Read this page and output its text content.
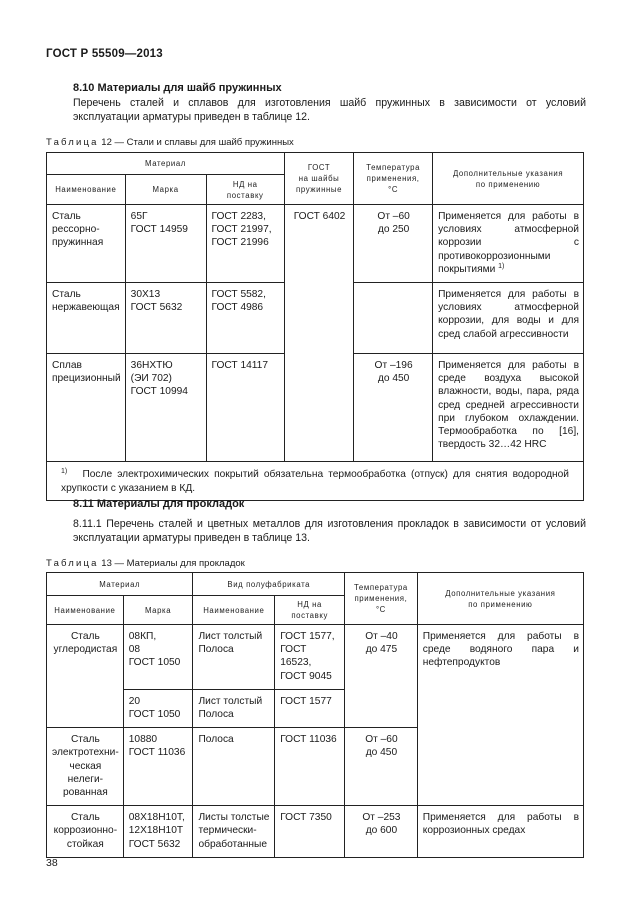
ГОСТ Р 55509—2013
8.10 Материалы для шайб пружинных
Перечень сталей и сплавов для изготовления шайб пружинных в зависимости от условий эксплуатации арматуры приведен в таблице 12.
Таблица 12 — Стали и сплавы для шайб пружинных
Материал			ГОСТ
на шайбы
пружинные	Температура
применения,
°С	Дополнительные указания
по применению
Наименование	Марка	НД на
поставку			
Сталь
рессорно-
пружинная	65Г
ГОСТ 14959	ГОСТ 2283,
ГОСТ 21997,
ГОСТ 21996	ГОСТ 6402	От –60
до 250	Применяется для работы в условиях атмосферной коррозии с противокоррозионными покрытиями $^{1)}$
Сталь
нержавеющая	30Х13
ГОСТ 5632	ГОСТ 5582,
ГОСТ 4986			Применяется для работы в условиях атмосферной коррозии, для воды и для сред слабой агрессивности
Сплав
прецизионный	36НХТЮ
(ЭИ 702)
ГОСТ 10994	ГОСТ 14117		От –196
до 450	Применяется для работы в среде воздуха высокой влажности, воды, пара, ряда сред средней агрессивности при глубоком охлаждении. Термообработка по [16], твердость 32…42 HRC
$^{1)}$ После электрохимических покрытий обязательна термообработка (отпуск) для снятия водородной хрупкости с указанием в КД.					
8.11 Материалы для прокладок
8.11.1 Перечень сталей и цветных металлов для изготовления прокладок в зависимости от условий эксплуатации арматуры приведен в таблице 13.
Таблица 13 — Материалы для прокладок
Материал		Вид полуфабриката		Температура
применения,
°С	Дополнительные указания
по применению
Наименование	Марка	Наименование	НД на
поставку		
Сталь
углеродистая	08КП,
08
ГОСТ 1050	Лист толстый
Полоса	ГОСТ 1577,
ГОСТ 16523,
ГОСТ 9045	От –40
до 475	Применяется для работы в среде водяного пара и нефтепродуктов
	20
ГОСТ 1050	Лист толстый
Полоса	ГОСТ 1577		
Сталь
электротехни-
ческая нелеги-
рованная	10880
ГОСТ 11036	Полоса	ГОСТ 11036	От –60
до 450	
Сталь
коррозионно-
стойкая	08Х18Н10Т,
12Х18Н10Т
ГОСТ 5632	Листы толстые
термически-
обработанные	ГОСТ 7350	От –253
до 600	Применяется для работы в коррозионных средах
38
